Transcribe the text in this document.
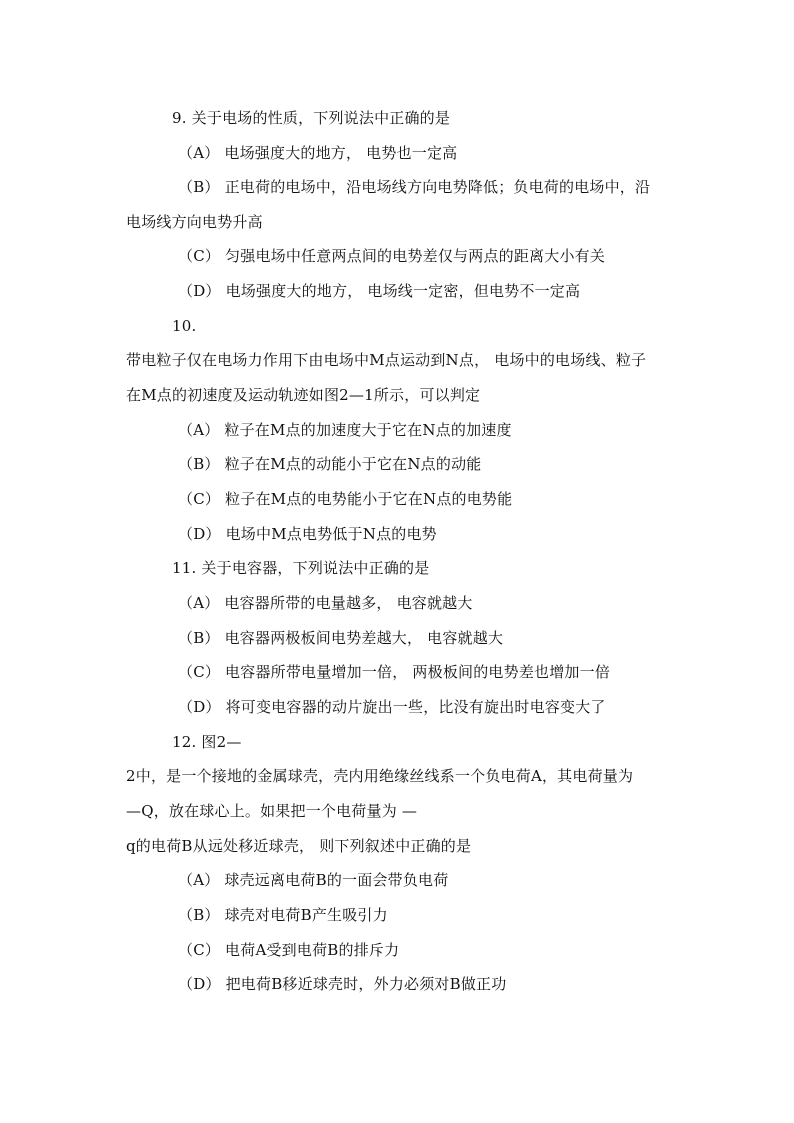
9. 关于电场的性质，下列说法中正确的是
（A） 电场强度大的地方， 电势也一定高
（B） 正电荷的电场中，沿电场线方向电势降低；负电荷的电场中，沿
电场线方向电势升高
（C） 匀强电场中任意两点间的电势差仅与两点的距离大小有关
（D） 电场强度大的地方， 电场线一定密，但电势不一定高
10.
带电粒子仅在电场力作用下由电场中M点运动到N点， 电场中的电场线、粒子
在M点的初速度及运动轨迹如图2—1所示，可以判定
（A） 粒子在M点的加速度大于它在N点的加速度
（B） 粒子在M点的动能小于它在N点的动能
（C） 粒子在M点的电势能小于它在N点的电势能
（D） 电场中M点电势低于N点的电势
11. 关于电容器，下列说法中正确的是
（A） 电容器所带的电量越多， 电容就越大
（B） 电容器两极板间电势差越大， 电容就越大
（C） 电容器所带电量增加一倍， 两极板间的电势差也增加一倍
（D） 将可变电容器的动片旋出一些，比没有旋出时电容变大了
12. 图2—
2中，是一个接地的金属球壳，壳内用绝缘丝线系一个负电荷A，其电荷量为
—Q，放在球心上。如果把一个电荷量为 —
q的电荷B从远处移近球壳， 则下列叙述中正确的是
（A） 球壳远离电荷B的一面会带负电荷
（B） 球壳对电荷B产生吸引力
（C） 电荷A受到电荷B的排斥力
（D） 把电荷B移近球壳时，外力必须对B做正功
